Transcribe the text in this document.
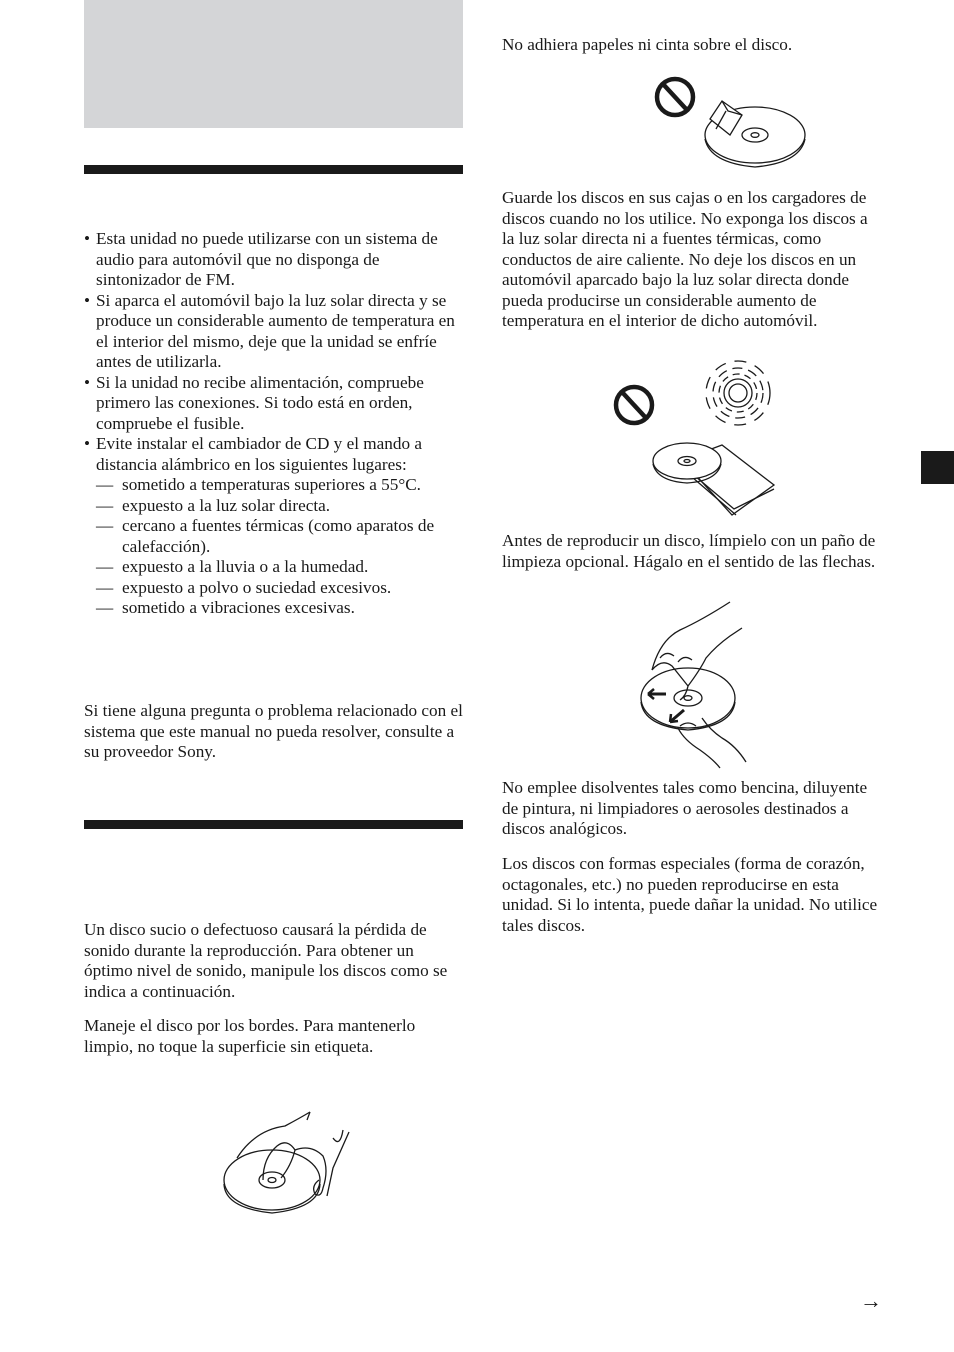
• Esta unidad no puede utilizarse con un sistema de audio para automóvil que no disponga de sintonizador de FM.
• Si aparca el automóvil bajo la luz solar directa y se produce un considerable aumento de temperatura en el interior del mismo, deje que la unidad se enfríe antes de utilizarla.
• Si la unidad no recibe alimentación, compruebe primero las conexiones. Si todo está en orden, compruebe el fusible.
• Evite instalar el cambiador de CD y el mando a distancia alámbrico en los siguientes lugares:
— sometido a temperaturas superiores a 55°C.
— expuesto a la luz solar directa.
— cercano a fuentes térmicas (como aparatos de calefacción).
— expuesto a la lluvia o a la humedad.
— expuesto a polvo o suciedad excesivos.
— sometido a vibraciones excesivas.

Si tiene alguna pregunta o problema relacionado con el sistema que este manual no pueda resolver, consulte a su proveedor Sony.

Un disco sucio o defectuoso causará la pérdida de sonido durante la reproducción. Para obtener un óptimo nivel de sonido, manipule los discos como se indica a continuación.

Maneje el disco por los bordes. Para mantenerlo limpio, no toque la superficie sin etiqueta.

No adhiera papeles ni cinta sobre el disco.

Guarde los discos en sus cajas o en los cargadores de discos cuando no los utilice. No exponga los discos a la luz solar directa ni a fuentes térmicas, como conductos de aire caliente. No deje los discos en un automóvil aparcado bajo la luz solar directa donde pueda producirse un considerable aumento de temperatura en el interior de dicho automóvil.

Antes de reproducir un disco, límpielo con un paño de limpieza opcional. Hágalo en el sentido de las flechas.

No emplee disolventes tales como bencina, diluyente de pintura, ni limpiadores o aerosoles destinados a discos analógicos.

Los discos con formas especiales (forma de corazón, octagonales, etc.) no pueden reproducirse en esta unidad. Si lo intenta, puede dañar la unidad. No utilice tales discos.

→
